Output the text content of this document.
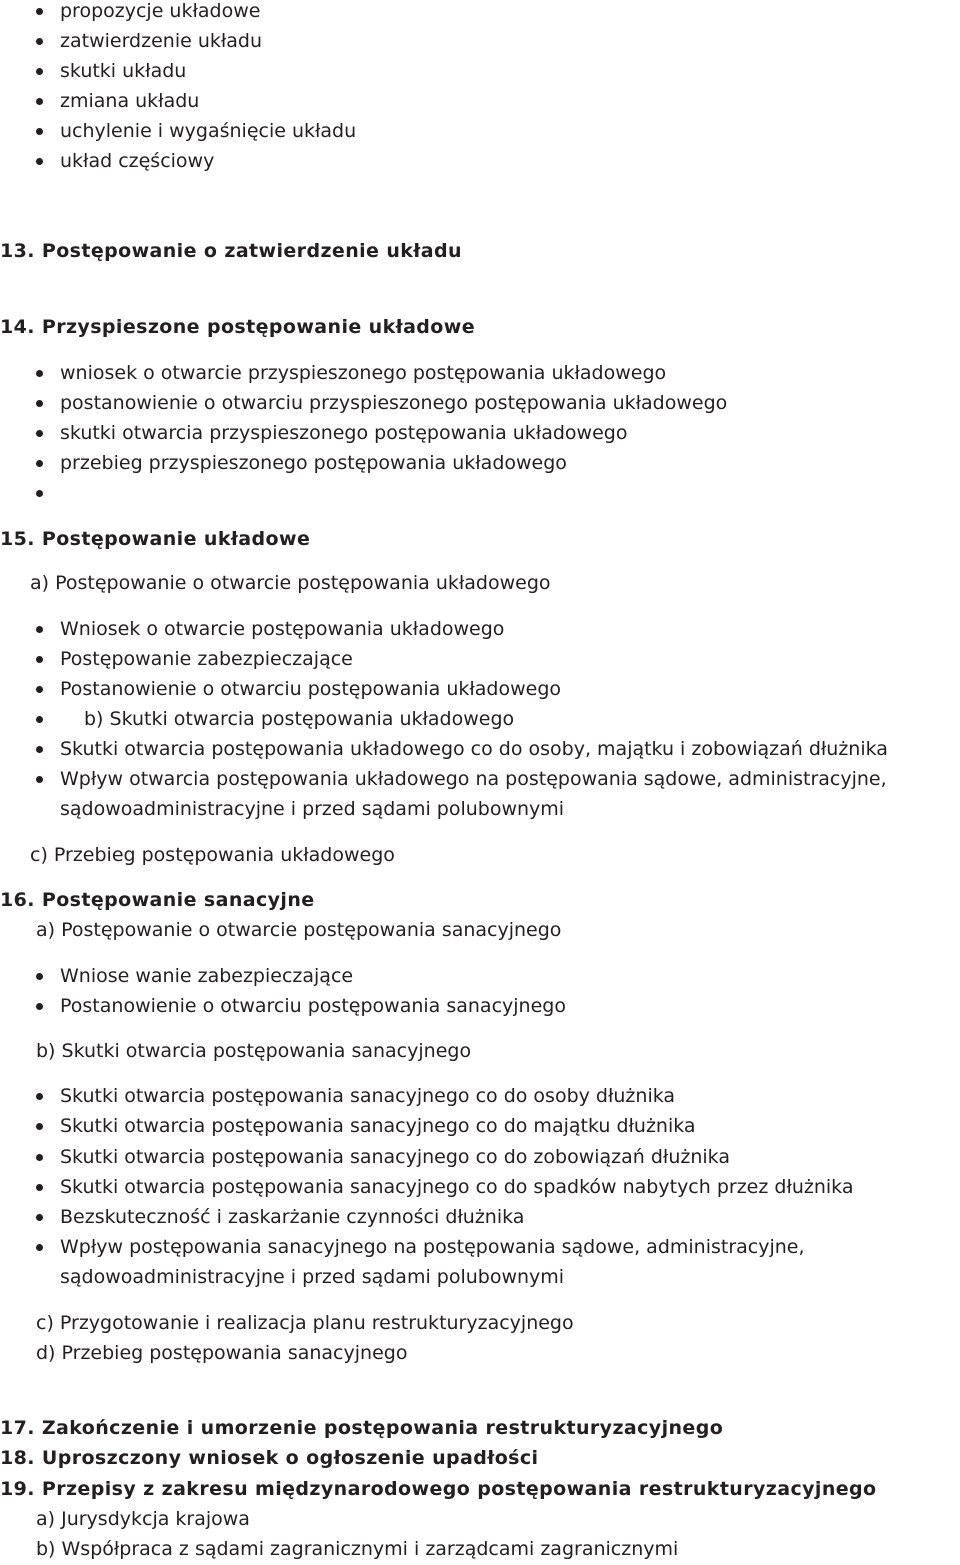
propozycje układowe
zatwierdzenie układu
skutki układu
zmiana układu
uchylenie i wygaśnięcie układu
układ częściowy
13. Postępowanie o zatwierdzenie układu
14. Przyspieszone postępowanie układowe
wniosek o otwarcie przyspieszonego postępowania układowego
postanowienie o otwarciu przyspieszonego postępowania układowego
skutki otwarcia przyspieszonego postępowania układowego
przebieg przyspieszonego postępowania układowego
15. Postępowanie układowe
a) Postępowanie o otwarcie postępowania układowego
Wniosek o otwarcie postępowania układowego
Postępowanie zabezpieczające
Postanowienie o otwarciu postępowania układowego
b) Skutki otwarcia postępowania układowego
Skutki otwarcia postępowania układowego co do osoby, majątku i zobowiązań dłużnika
Wpływ otwarcia postępowania układowego na postępowania sądowe, administracyjne,
sądowoadministracyjne i przed sądami polubownymi
c) Przebieg postępowania układowego
16. Postępowanie sanacyjne
a) Postępowanie o otwarcie postępowania sanacyjnego
Wniose wanie zabezpieczające
Postanowienie o otwarciu postępowania sanacyjnego
b) Skutki otwarcia postępowania sanacyjnego
Skutki otwarcia postępowania sanacyjnego co do osoby dłużnika
Skutki otwarcia postępowania sanacyjnego co do majątku dłużnika
Skutki otwarcia postępowania sanacyjnego co do zobowiązań dłużnika
Skutki otwarcia postępowania sanacyjnego co do spadków nabytych przez dłużnika
Bezskuteczność i zaskarżanie czynności dłużnika
Wpływ postępowania sanacyjnego na postępowania sądowe, administracyjne,
sądowoadministracyjne i przed sądami polubownymi
c) Przygotowanie i realizacja planu restrukturyzacyjnego
d) Przebieg postępowania sanacyjnego
17. Zakończenie i umorzenie postępowania restrukturyzacyjnego
18. Uproszczony wniosek o ogłoszenie upadłości
19. Przepisy z zakresu międzynarodowego postępowania restrukturyzacyjnego
a) Jurysdykcja krajowa
b) Współpraca z sądami zagranicznymi i zarządcami zagranicznymi
